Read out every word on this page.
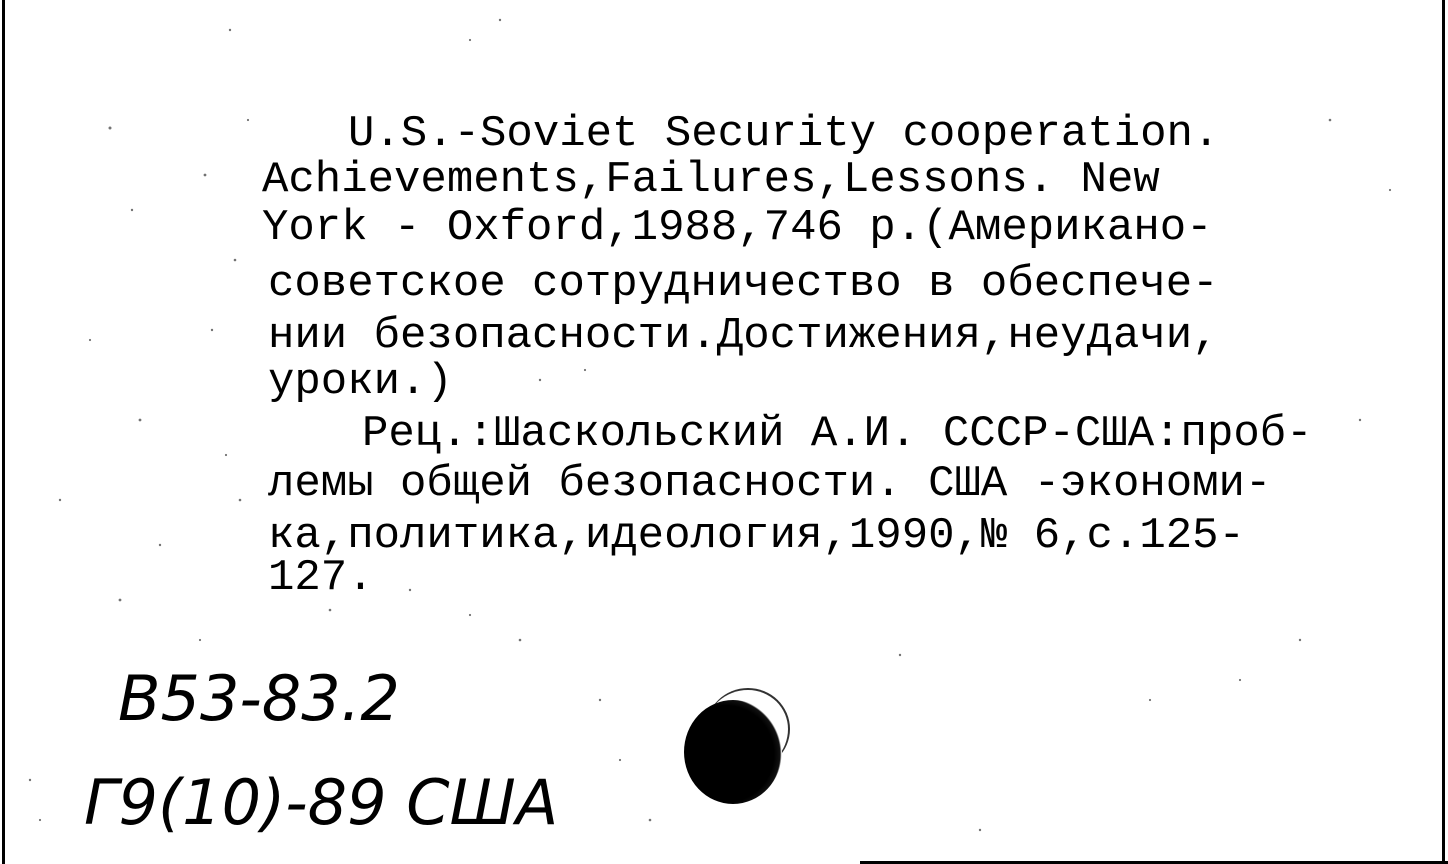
U.S.-Soviet Security cooperation.

Achievements,Failures,Lessons. New

York - Oxford,1988,746 p.(Американо-

советское сотрудничество в обеспече-

нии безопасности.Достижения,неудачи,

уроки.)

Рец.:Шаскольский А.И. СССР-США:проб-

лемы общей безопасности. США -экономи-

ка,политика,идеология,1990,№ 6,с.125-

127.

В53-83.2

Г9(10)-89 США
